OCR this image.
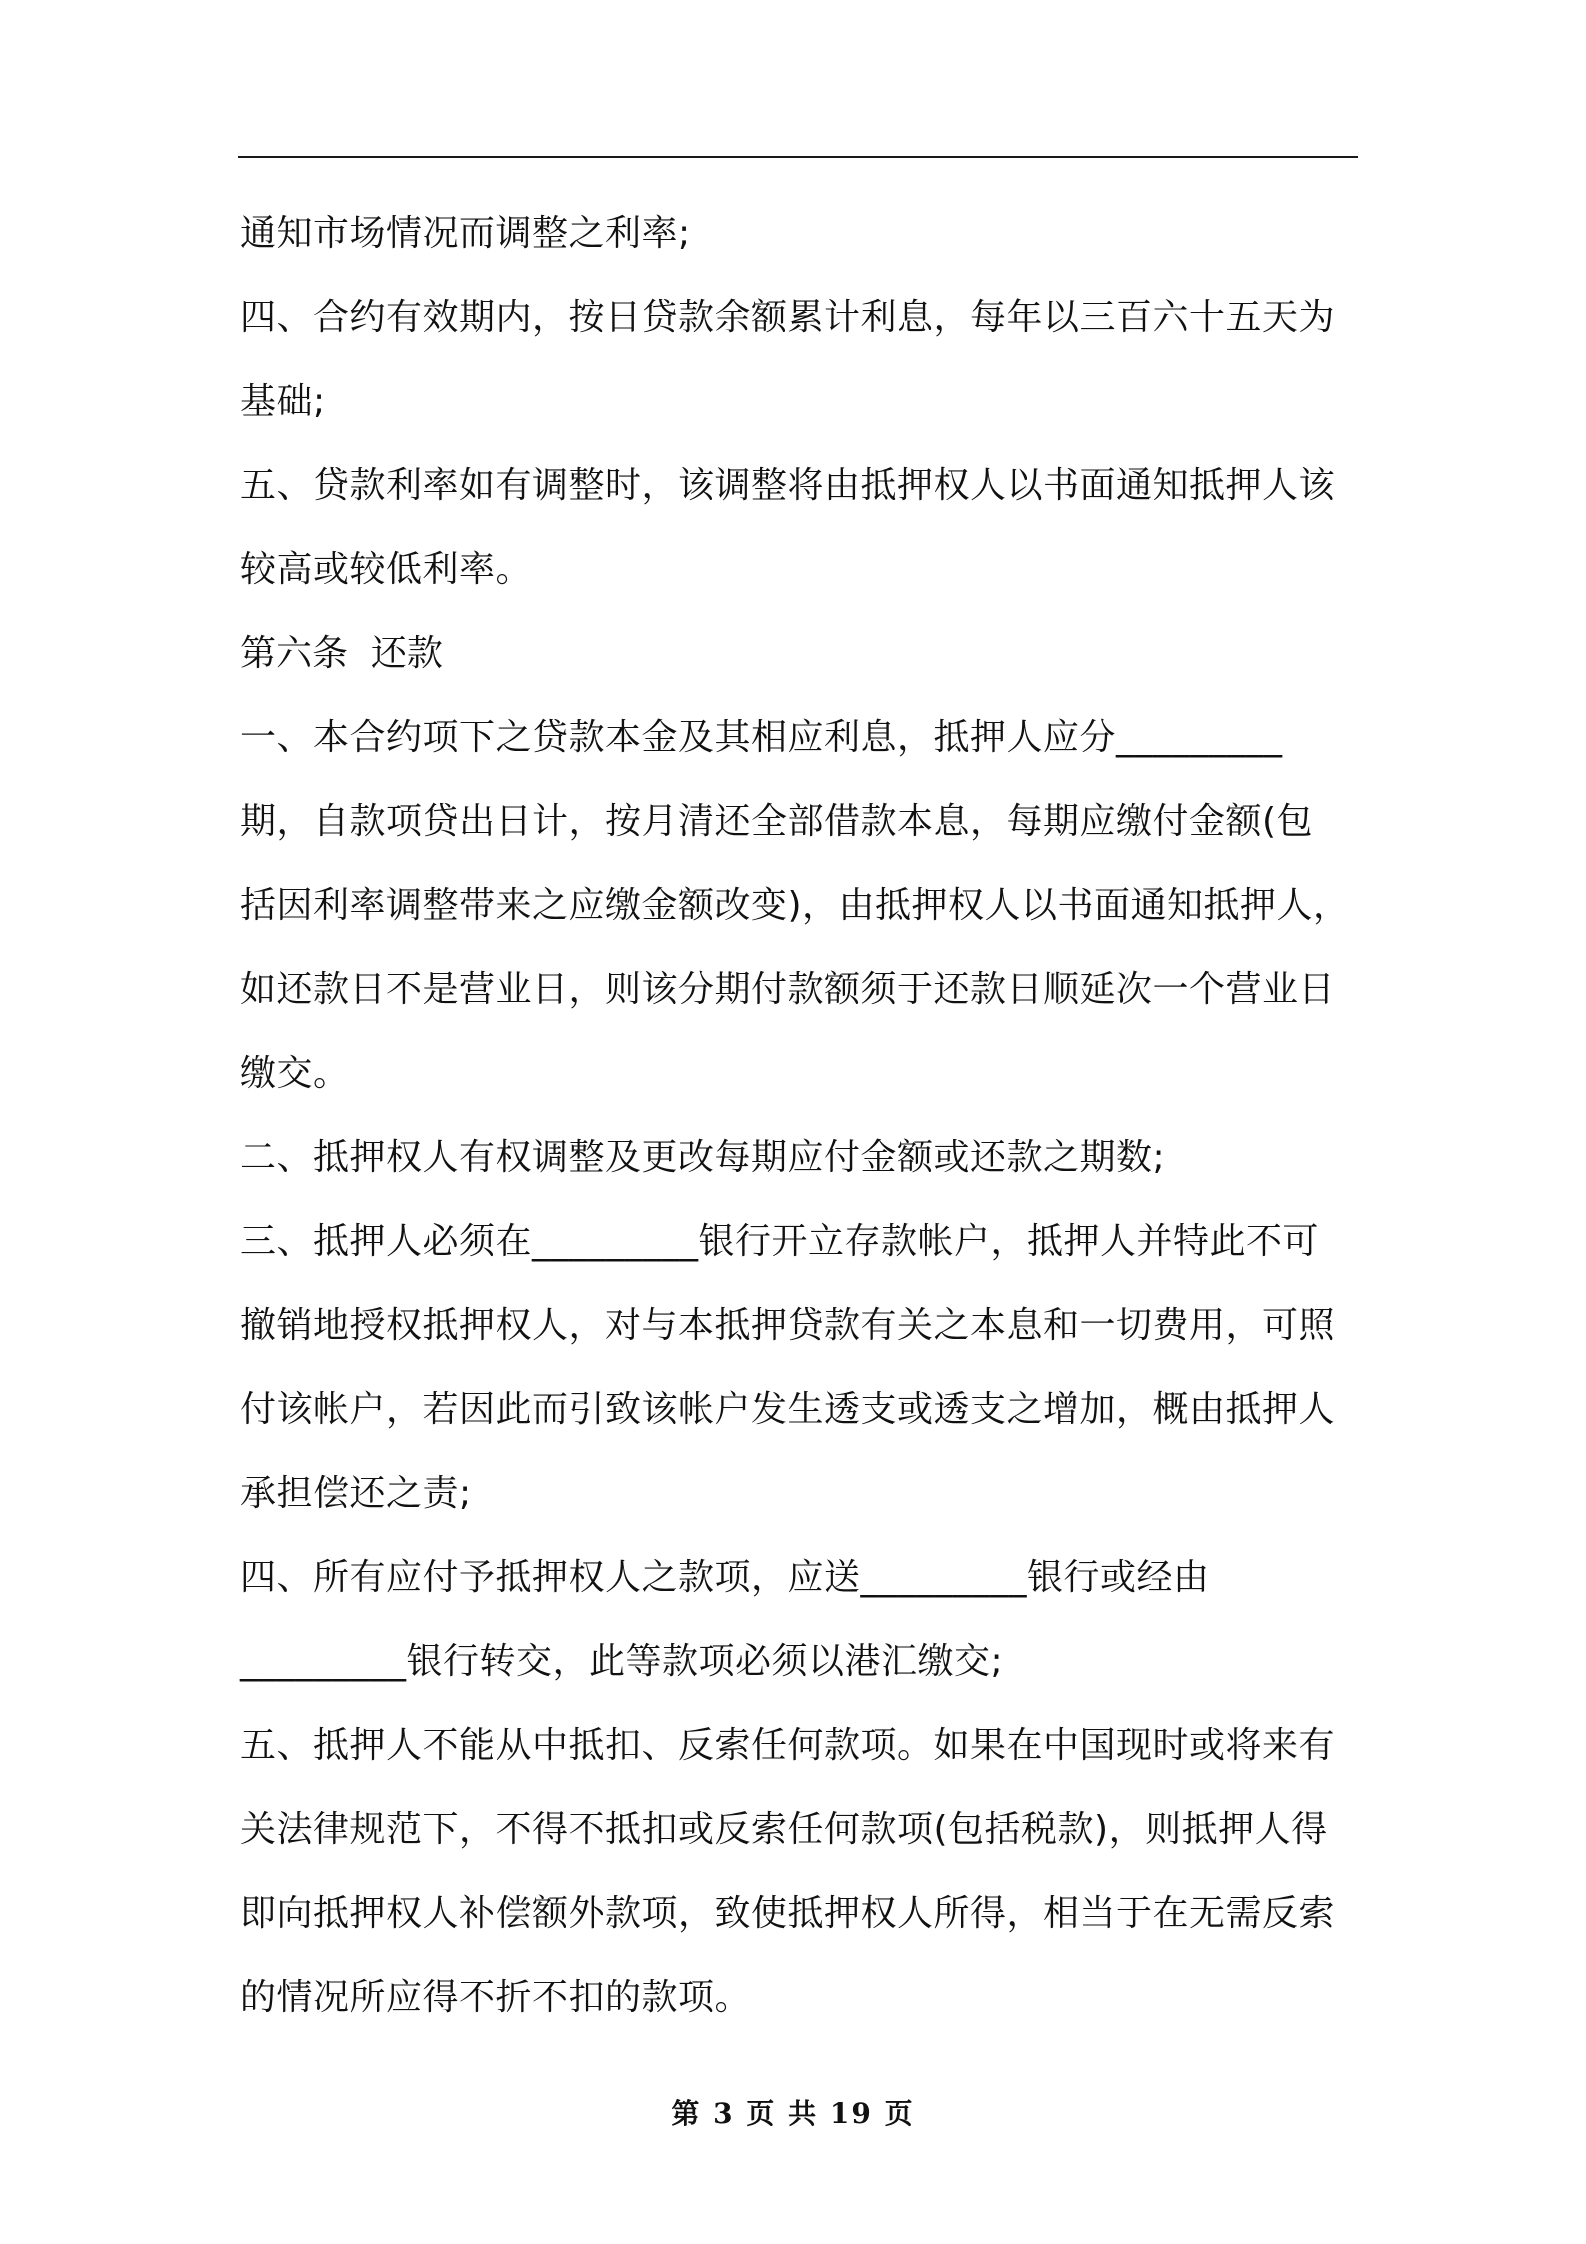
通知市场情况而调整之利率;
四、合约有效期内，按日贷款余额累计利息，每年以三百六十五天为
基础;
五、贷款利率如有调整时，该调整将由抵押权人以书面通知抵押人该
较高或较低利率。
第六条  还款
一、本合约项下之贷款本金及其相应利息，抵押人应分_________
期，自款项贷出日计，按月清还全部借款本息，每期应缴付金额(包
括因利率调整带来之应缴金额改变)，由抵押权人以书面通知抵押人，
如还款日不是营业日，则该分期付款额须于还款日顺延次一个营业日
缴交。
二、抵押权人有权调整及更改每期应付金额或还款之期数;
三、抵押人必须在_________银行开立存款帐户，抵押人并特此不可
撤销地授权抵押权人，对与本抵押贷款有关之本息和一切费用，可照
付该帐户，若因此而引致该帐户发生透支或透支之增加，概由抵押人
承担偿还之责;
四、所有应付予抵押权人之款项，应送_________银行或经由
_________银行转交，此等款项必须以港汇缴交;
五、抵押人不能从中抵扣、反索任何款项。如果在中国现时或将来有
关法律规范下，不得不抵扣或反索任何款项(包括税款)，则抵押人得
即向抵押权人补偿额外款项，致使抵押权人所得，相当于在无需反索
的情况所应得不折不扣的款项。
第 3 页 共 19 页
